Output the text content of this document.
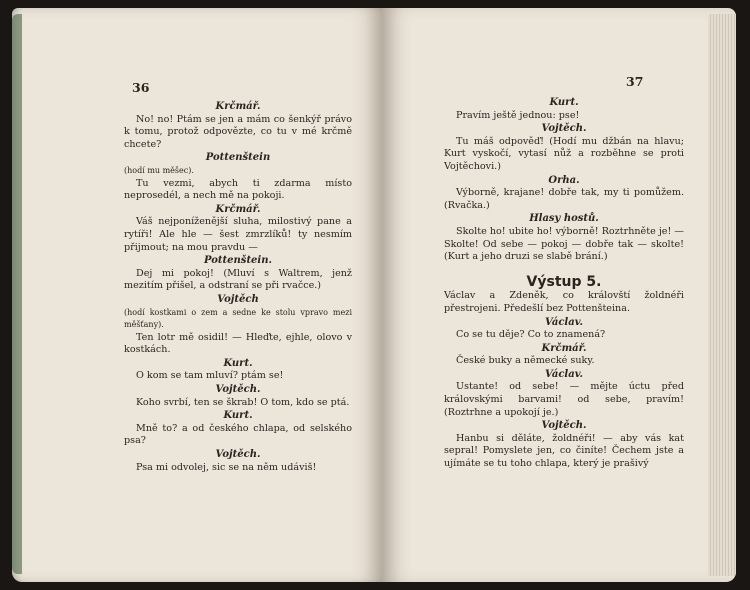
36

Krčmář.

No! no! Ptám se jen a mám co šenkýř právo k tomu, protož odpovězte, co tu v mé krčmě chcete?

Pottenštein

(hodí mu měšec).

Tu vezmi, abych ti zdarma místo neprosedél, a nech mě na pokoji.

Krčmář.

Váš nejponíženější sluha, milostivý pane a rytíři! Ale hle — šest zmrzlíků! ty nesmím přijmout; na mou pravdu —

Pottenštein.

Dej mi pokoj! (Mluví s Waltrem, jenž mezitím přišel, a odstraní se při rvačce.)

Vojtěch

(hodí kostkami o zem a sedne ke stolu vpravo mezi měšťany).

Ten lotr mě osidil! — Hleďte, ejhle, olovo v kostkách.

Kurt.

O kom se tam mluví? ptám se!

Vojtěch.

Koho svrbí, ten se škrab! O tom, kdo se ptá.

Kurt.

Mně to? a od českého chlapa, od selského psa?

Vojtěch.

Psa mi odvolej, sic se na něm udáviš!

37

Kurt.

Pravím ještě jednou: pse!

Vojtěch.

Tu máš odpověď! (Hodí mu džbán na hlavu; Kurt vyskočí, vytasí nůž a rozběhne se proti Vojtěchovi.)

Orha.

Výborně, krajane! dobře tak, my ti pomůžem. (Rvačka.)

Hlasy hostů.

Skolte ho! ubite ho! výborně! Roztrhněte je! — Skolte! Od sebe — pokoj — dobře tak — skolte! (Kurt a jeho druzi se slabě brání.)

Výstup 5.

Václav a Zdeněk, co královští žoldnéři přestrojeni. Předešlí bez Pottenšteina.

Václav.

Co se tu děje? Co to znamená?

Krčmář.

České buky a německé suky.

Václav.

Ustante! od sebe! — mějte úctu před královskými barvami! od sebe, pravím! (Roztrhne a upokojí je.)

Vojtěch.

Hanbu si děláte, žoldnéři! — aby vás kat sepral! Pomyslete jen, co činíte! Čechem jste a ujímáte se tu toho chlapa, který je prašivý
